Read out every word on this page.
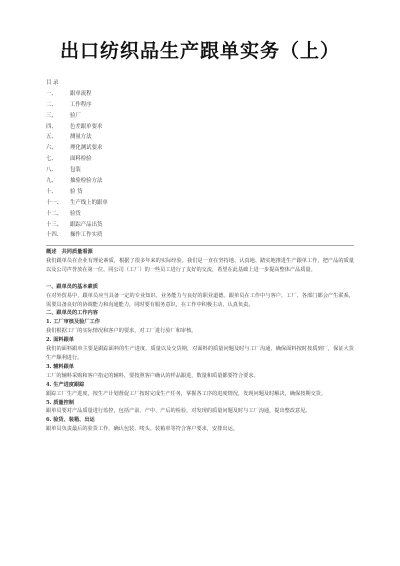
出口纺织品生产跟单实务（上）
目 录
一、 跟单流程
二、 工作程序
三、 验厂
四、 色差跟单要求
五、 测量方法
六、 理化测试要求
七、 面料检验
八、 包装
九、 抽验检验方法
十、 验 货
十一、 生产线上的跟单
十二、 验货
十三、 跟踪产品出货
十四、 操作工作实质

概述　共同质量看源

我们跟单员在企业有理论素质，根据了很多年来的实际经验。我们是一直在坚持地、认真地、踏实地推进生产跟单工作，把产品的质量以及公司声誉放在第一位，同公司（工厂）的一些员工进行了友好的交流，希望在此基础上进一步提高整体产品质量。

一、跟单员的基本素质

在对外贸易中，跟单员应当具备一定的专业知识、业务能力与良好的职业道德。跟单员在工作中与客户、工厂、各部门都会产生联系，需要具备良好的协调能力和沟通能力，同时要有服务意识，在工作中积极主动，认真负责。

二、跟单员的工作内容

1. 工厂审核及验厂工作

我们根据工厂的实际情况和客户的要求，对工厂进行验厂和审核。

2. 面料跟单

我们的面料跟单主要是跟踪面料的生产进度、质量以及交货期，对面料的质量问题及时与工厂沟通，确保面料按时按质到厂，保证大货生产顺利进行。

3. 辅料跟单

工厂的辅料采购和客户指定的辅料，要按照客户确认的样品跟进，数量和质量都要符合要求。

4. 生产进度跟踪

跟踪工厂生产进度，按生产计划督促工厂按时完成生产任务，掌握各工序的进度情况，发现问题及时解决，确保按期交货。

5. 质量控制

跟单员要对产品质量进行监控，包括产前、产中、产后的检验，对发现的质量问题及时与工厂沟通，提出整改意见。

6. 验货、装箱、出运

跟单员负责最后的验货工作，确认包装、唛头、装箱单等符合客户要求，安排出运。
